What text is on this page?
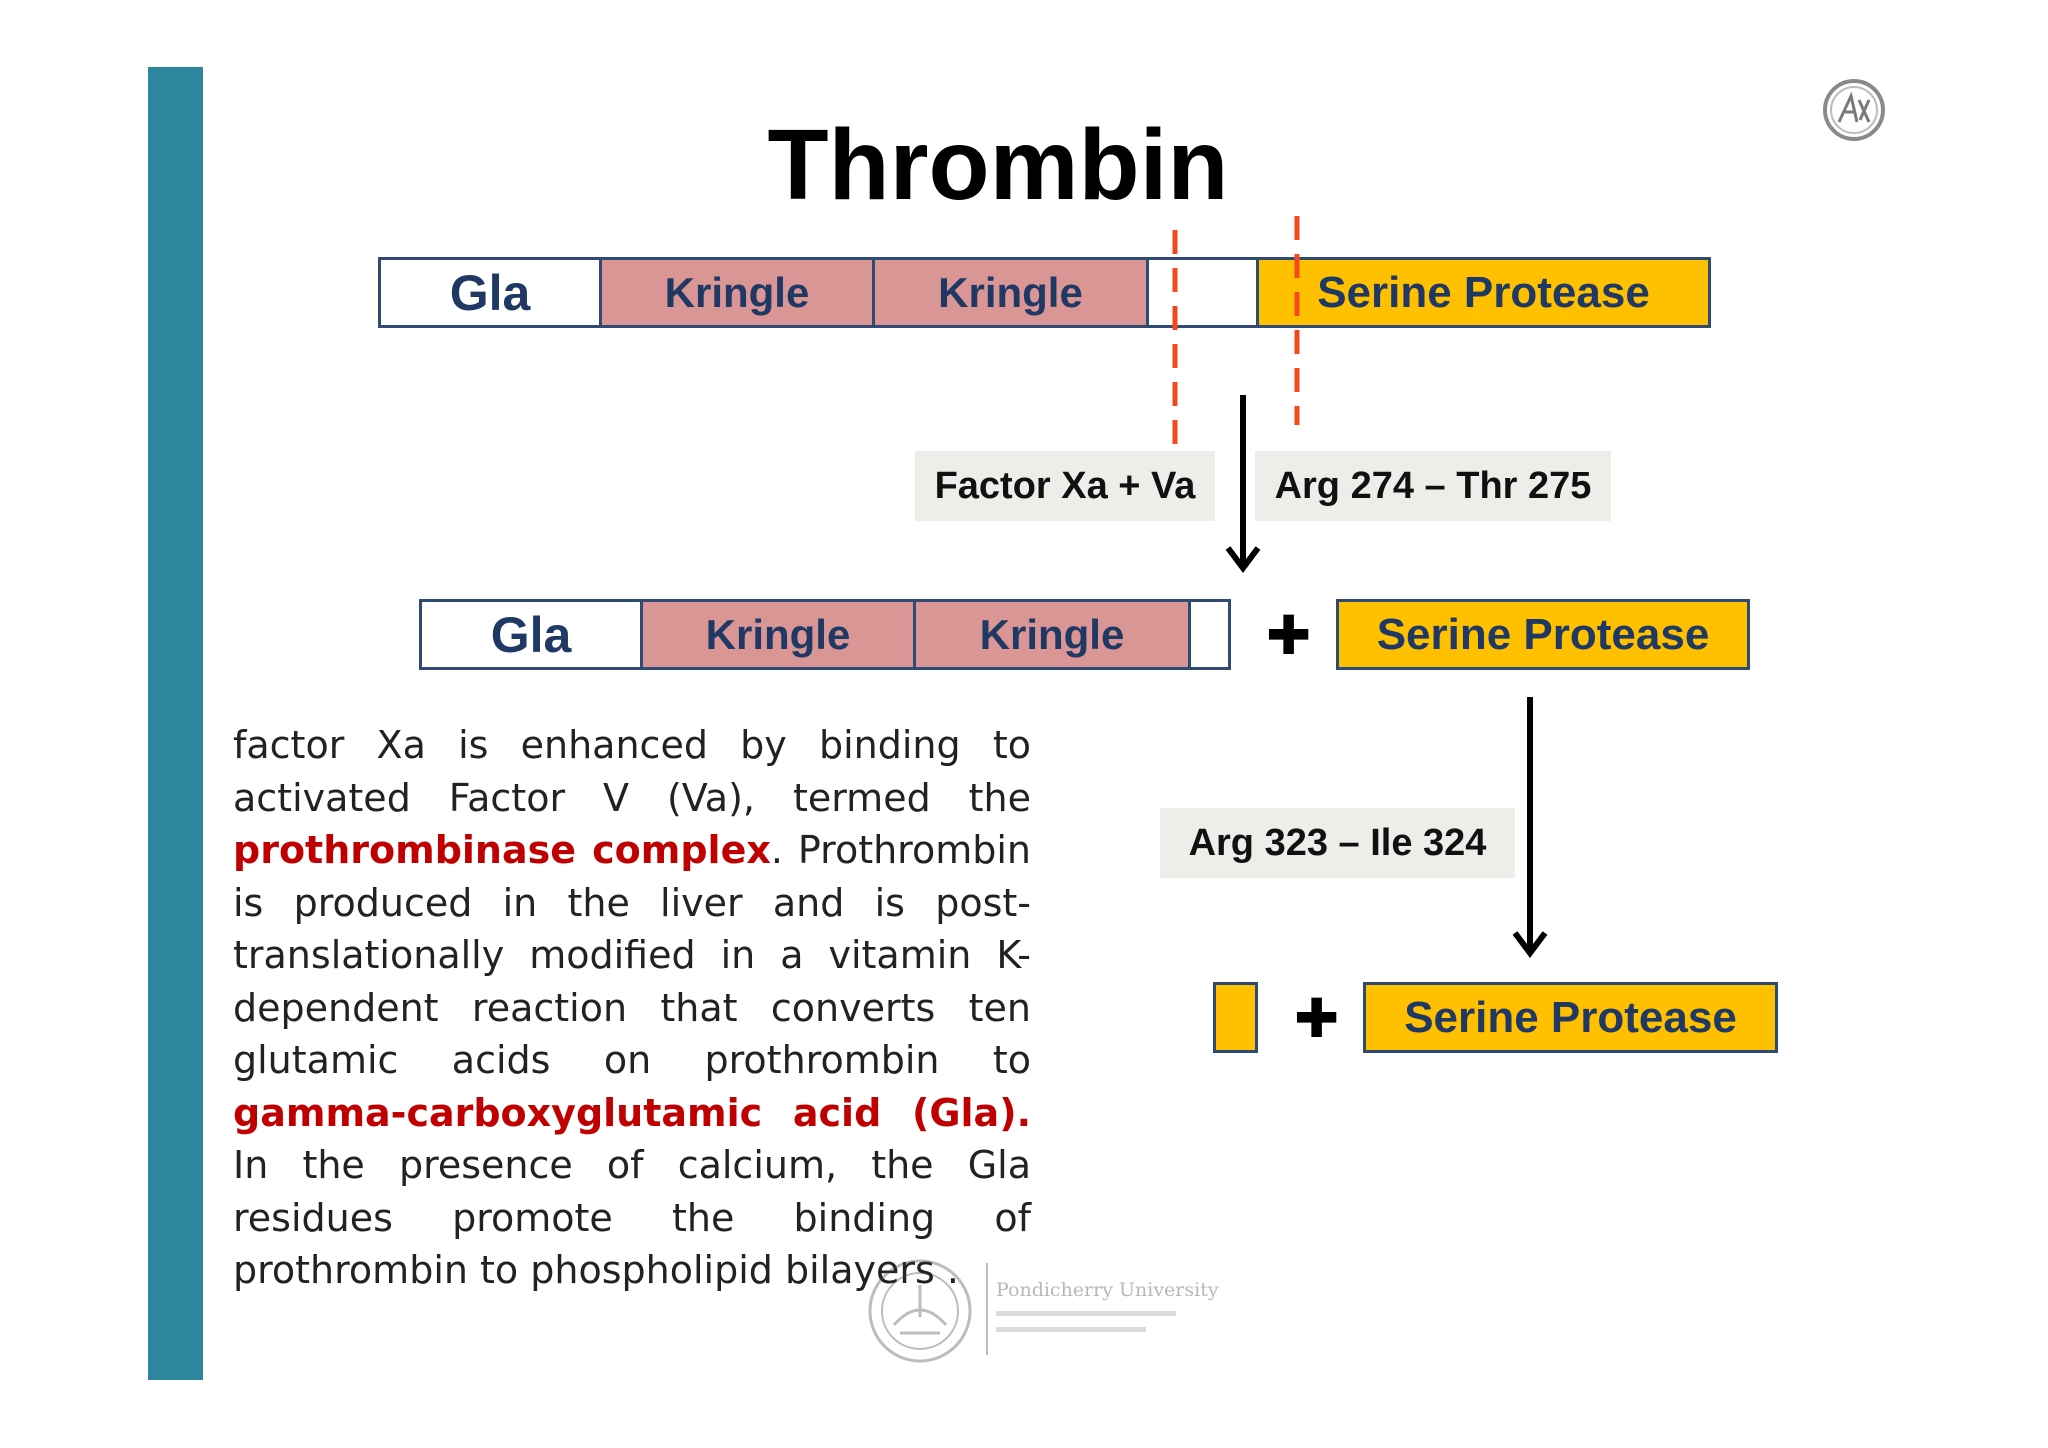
Thrombin
Gla	Kringle	Kringle	Serine Protease
Factor Xa + Va	Arg 274 – Thr 275
Gla	Kringle	Kringle	✚	Serine Protease
Arg 323 – Ile 324
✚	Serine Protease
factor Xa is enhanced by binding to activated Factor V (Va), termed the prothrombinase complex. Prothrombin is produced in the liver and is post-translationally modified in a vitamin K-dependent reaction that converts ten glutamic acids on prothrombin to gamma-carboxyglutamic acid (Gla). In the presence of calcium, the Gla residues promote the binding of prothrombin to phospholipid bilayers .	Pondicherry University
